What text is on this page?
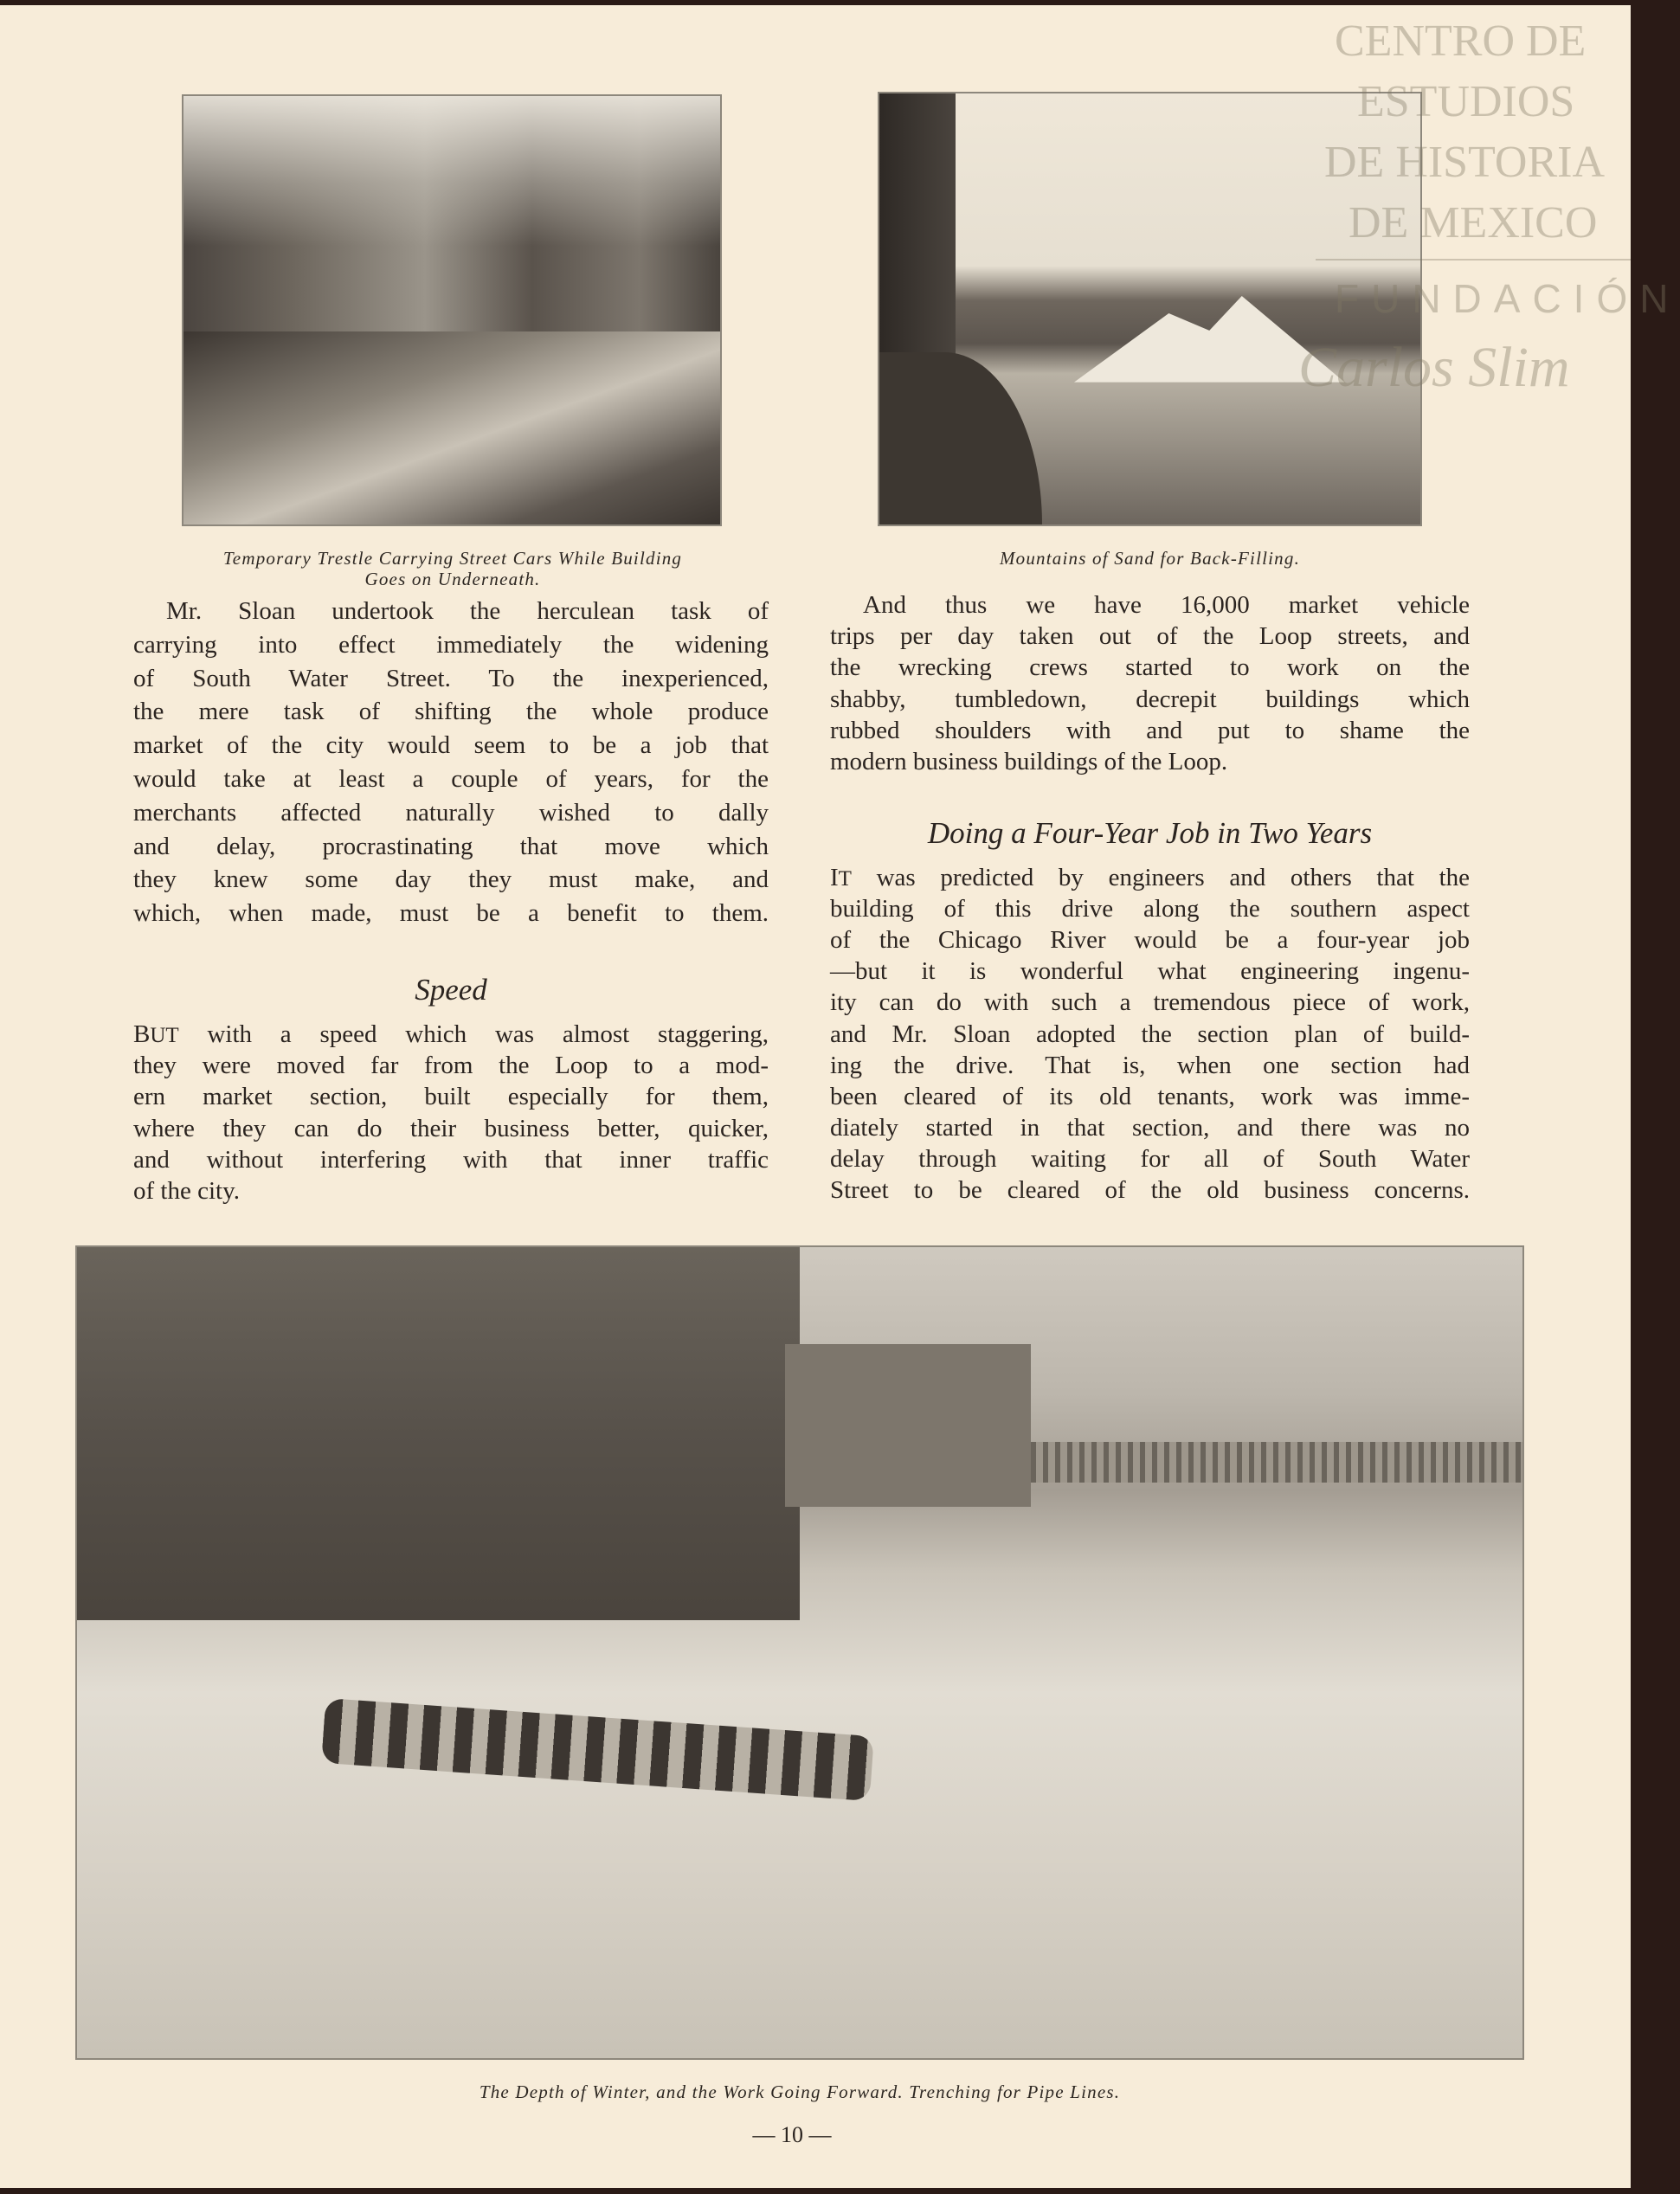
Temporary Trestle Carrying Street Cars While Building
Goes on Underneath.
Mountains of Sand for Back-Filling.
Speed
Doing a Four-Year Job in Two Years
The Depth of Winter, and the Work Going Forward. Trenching for Pipe Lines.
— 10 —
CENTRO DE
ESTUDIOS
DE HISTORIA
DE MEXICO
FUNDACIÓN
Carlos Slim
Mr. Sloan undertook the herculean task of
carrying into effect immediately the widening
of South Water Street. To the inexperienced,
the mere task of shifting the whole produce
market of the city would seem to be a job that
would take at least a couple of years, for the
merchants affected naturally wished to dally
and delay, procrastinating that move which
they knew some day they must make, and
which, when made, must be a benefit to them.
BUT with a speed which was almost staggering,
they were moved far from the Loop to a mod-
ern market section, built especially for them,
where they can do their business better, quicker,
and without interfering with that inner traffic
of the city.
And thus we have 16,000 market vehicle
trips per day taken out of the Loop streets, and
the wrecking crews started to work on the
shabby, tumbledown, decrepit buildings which
rubbed shoulders with and put to shame the
modern business buildings of the Loop.
IT was predicted by engineers and others that the
building of this drive along the southern aspect
of the Chicago River would be a four-year job
—but it is wonderful what engineering ingenu-
ity can do with such a tremendous piece of work,
and Mr. Sloan adopted the section plan of build-
ing the drive. That is, when one section had
been cleared of its old tenants, work was imme-
diately started in that section, and there was no
delay through waiting for all of South Water
Street to be cleared of the old business concerns.
